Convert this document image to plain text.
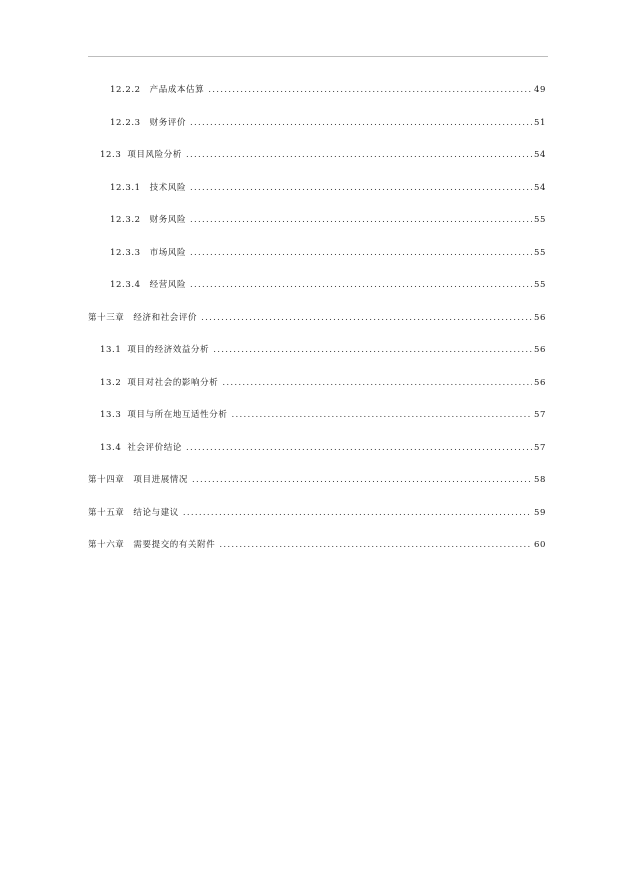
12.2.2 产品成本估算 .....	49
12.2.3 财务评价 .....	51
12.3 项目风险分析 .....	54
12.3.1 技术风险 .....	54
12.3.2 财务风险 .....	55
12.3.3 市场风险 .....	55
12.3.4 经营风险 .....	55
第十三章 经济和社会评价 .....	56
13.1 项目的经济效益分析 .....	56
13.2 项目对社会的影响分析 .....	56
13.3 项目与所在地互适性分析 .....	57
13.4 社会评价结论 .....	57
第十四章 项目进展情况 .....	58
第十五章 结论与建议 .....	59
第十六章 需要提交的有关附件 .....	60
